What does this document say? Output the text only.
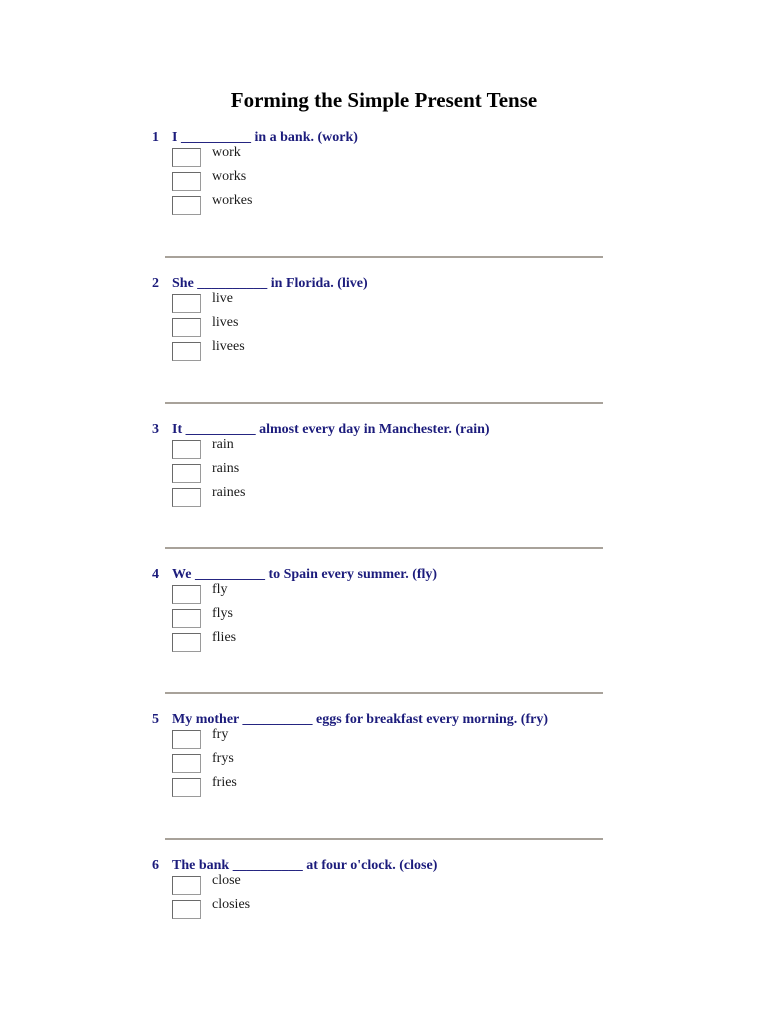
Forming the Simple Present Tense
1 I __________ in a bank. (work)
work
works
workes
2 She __________ in Florida. (live)
live
lives
livees
3 It __________ almost every day in Manchester. (rain)
rain
rains
raines
4 We __________ to Spain every summer. (fly)
fly
flys
flies
5 My mother __________ eggs for breakfast every morning. (fry)
fry
frys
fries
6 The bank __________ at four o'clock. (close)
close
closies
